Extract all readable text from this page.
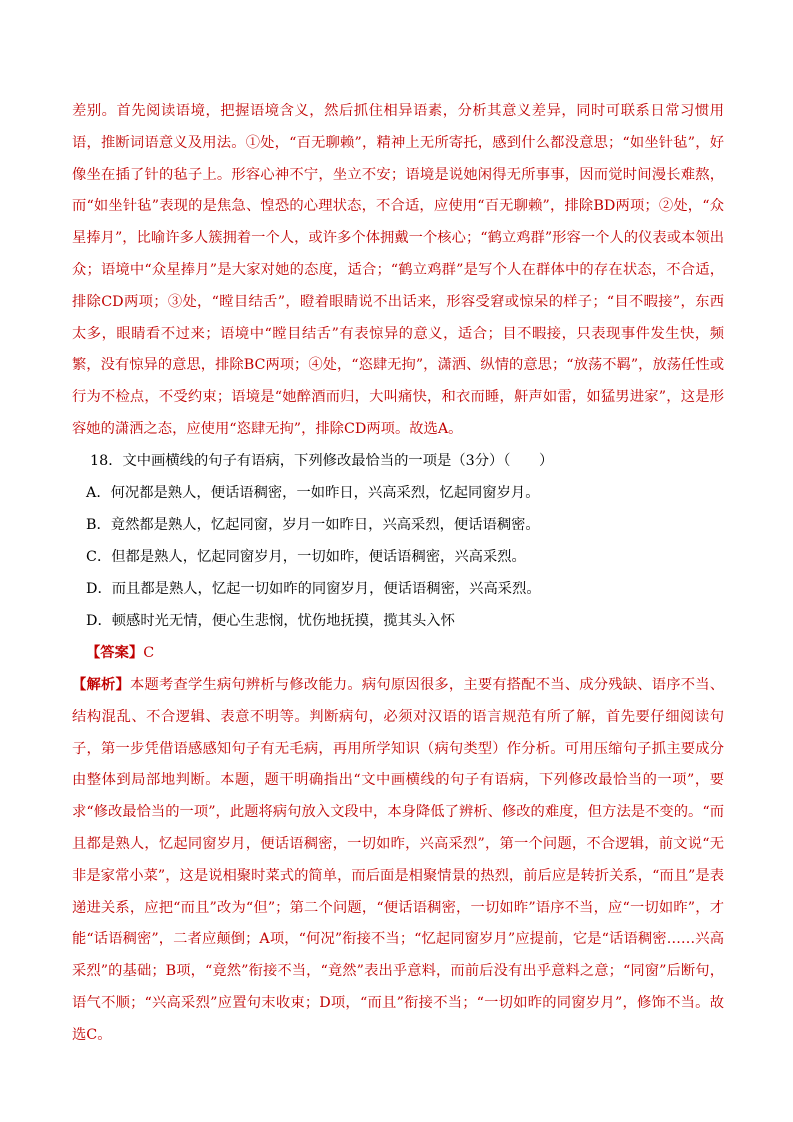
差别。首先阅读语境，把握语境含义，然后抓住相异语素，分析其意义差异，同时可联系日常习惯用语，推断词语意义及用法。①处，“百无聊赖”，精神上无所寄托，感到什么都没意思；“如坐针毡”，好像坐在插了针的毡子上。形容心神不宁，坐立不安；语境是说她闲得无所事事，因而觉时间漫长难熬，而“如坐针毡”表现的是焦急、惶恐的心理状态，不合适，应使用“百无聊赖”，排除BD两项；②处，“众星捧月”，比喻许多人簇拥着一个人，或许多个体拥戴一个核心；“鹤立鸡群”形容一个人的仪表或本领出众；语境中“众星捧月”是大家对她的态度，适合；“鹤立鸡群”是写个人在群体中的存在状态，不合适，排除CD两项；③处，“瞠目结舌”，瞪着眼睛说不出话来，形容受窘或惊呆的样子；“目不暇接”，东西太多，眼睛看不过来；语境中“瞠目结舌”有表惊异的意义，适合；目不暇接，只表现事件发生快，频繁，没有惊异的意思，排除BC两项；④处，“恣肆无拘”，潇洒、纵情的意思；“放荡不羁”，放荡任性或行为不检点，不受约束；语境是“她醉酒而归，大叫痛快，和衣而睡，鼾声如雷，如猛男进家”，这是形容她的潇洒之态，应使用“恣肆无拘”，排除CD两项。故选A。

18．文中画横线的句子有语病，下列修改最恰当的一项是（3分）（　　）

A．何况都是熟人，便话语稠密，一如昨日，兴高采烈，忆起同窗岁月。

B．竟然都是熟人，忆起同窗，岁月一如昨日，兴高采烈，便话语稠密。

C．但都是熟人，忆起同窗岁月，一切如昨，便话语稠密，兴高采烈。

D．而且都是熟人，忆起一切如昨的同窗岁月，便话语稠密，兴高采烈。

D．顿感时光无情，便心生悲悯，忧伤地抚摸，揽其头入怀

【答案】C

【解析】本题考查学生病句辨析与修改能力。病句原因很多，主要有搭配不当、成分残缺、语序不当、结构混乱、不合逻辑、表意不明等。判断病句，必须对汉语的语言规范有所了解，首先要仔细阅读句子，第一步凭借语感感知句子有无毛病，再用所学知识（病句类型）作分析。可用压缩句子抓主要成分由整体到局部地判断。本题，题干明确指出“文中画横线的句子有语病，下列修改最恰当的一项”，要求“修改最恰当的一项”，此题将病句放入文段中，本身降低了辨析、修改的难度，但方法是不变的。“而且都是熟人，忆起同窗岁月，便话语稠密，一切如昨，兴高采烈”，第一个问题，不合逻辑，前文说“无非是家常小菜”，这是说相聚时菜式的简单，而后面是相聚情景的热烈，前后应是转折关系，“而且”是表递进关系，应把“而且”改为“但”；第二个问题，“便话语稠密，一切如昨”语序不当，应“一切如昨”，才能“话语稠密”，二者应颠倒；A项，“何况”衔接不当；“忆起同窗岁月”应提前，它是“话语稠密……兴高采烈”的基础；B项，“竟然”衔接不当，“竟然”表出乎意料，而前后没有出乎意料之意；“同窗”后断句，语气不顺；“兴高采烈”应置句末收束；D项，“而且”衔接不当；“一切如昨的同窗岁月”，修饰不当。故选C。
